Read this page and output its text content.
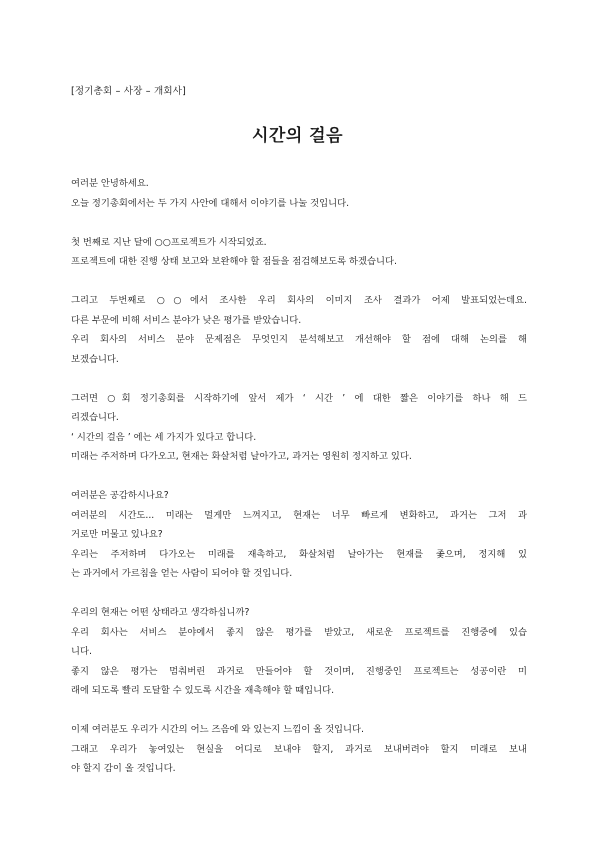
[정기총회 – 사장 – 개회사]
시간의 걸음
여러분 안녕하세요.
오늘 정기총회에서는 두 가지 사안에 대해서 이야기를 나눌 것입니다.
첫 번째로 지난 달에 ○○프로젝트가 시작되었죠.
프로젝트에 대한 진행 상태 보고와 보완해야 할 점들을 점검해보도록 하겠습니다.
그리고 두번째로 ○○에서 조사한 우리 회사의 이미지 조사 결과가 어제 발표되었는데요.
다른 부문에 비해 서비스 분야가 낮은 평가를 받았습니다.
우리 회사의 서비스 분야 문제점은 무엇인지 분석해보고 개선해야 할 점에 대해 논의를 해
보겠습니다.
그러면 ○회 정기총회를 시작하기에 앞서 제가 ‘ 시간 ’ 에 대한 짧은 이야기를 하나 해 드
리겠습니다.
‘ 시간의 걸음 ’ 에는 세 가지가 있다고 합니다.
미래는 주저하며 다가오고, 현재는 화살처럼 날아가고, 과거는 영원히 정지하고 있다.
여러분은 공감하시나요?
여러분의 시간도... 미래는 멀게만 느껴지고, 현재는 너무 빠르게 변화하고, 과거는 그저 과
거로만 머물고 있나요?
우리는 주저하며 다가오는 미래를 재촉하고, 화살처럼 날아가는 현재를 좇으며, 정지해 있
는 과거에서 가르침을 얻는 사람이 되어야 할 것입니다.
우리의 현재는 어떤 상태라고 생각하십니까?
우리 회사는 서비스 분야에서 좋지 않은 평가를 받았고, 새로운 프로젝트를 진행중에 있습
니다.
좋지 않은 평가는 멈춰버린 과거로 만들어야 할 것이며, 진행중인 프로젝트는 성공이란 미
래에 되도록 빨리 도달할 수 있도록 시간을 재촉해야 할 때입니다.
이제 여러분도 우리가 시간의 어느 즈음에 와 있는지 느낌이 올 것입니다.
그래고 우리가 놓여있는 현실을 어디로 보내야 할지, 과거로 보내버려야 할지 미래로 보내
야 할지 감이 올 것입니다.
